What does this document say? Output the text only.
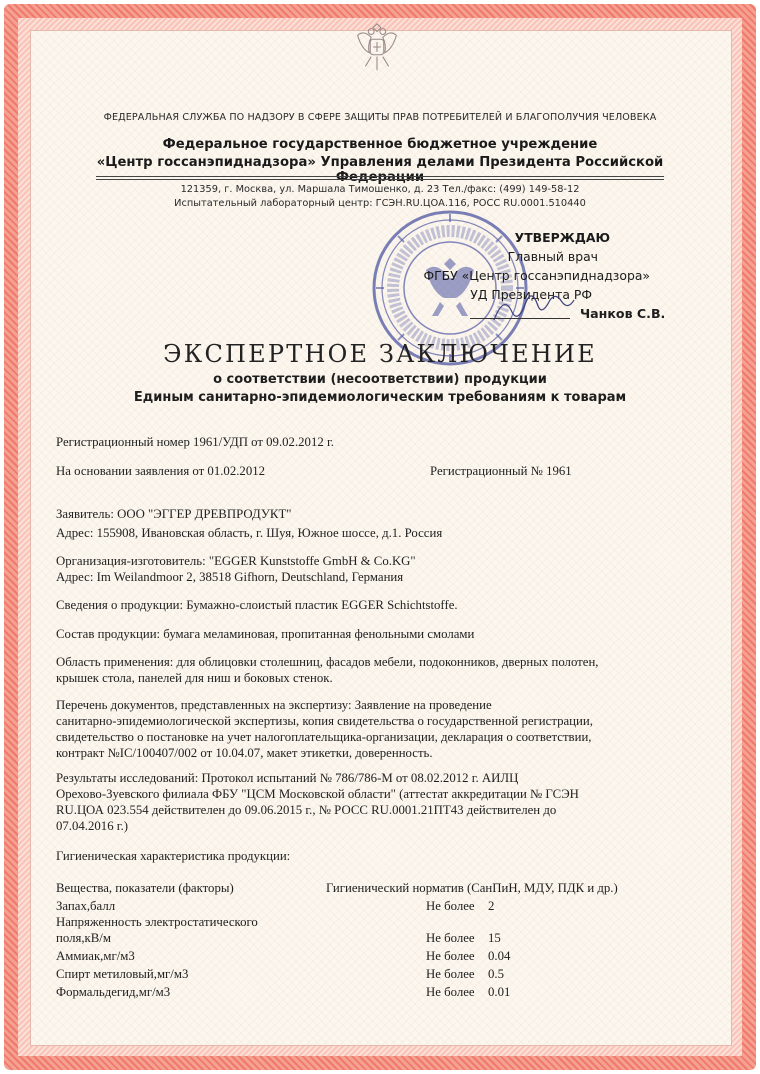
ФЕДЕРАЛЬНАЯ СЛУЖБА ПО НАДЗОРУ В СФЕРЕ ЗАЩИТЫ ПРАВ ПОТРЕБИТЕЛЕЙ И БЛАГОПОЛУЧИЯ ЧЕЛОВЕКА
Федеральное государственное бюджетное учреждение
«Центр госсанэпиднадзора» Управления делами Президента Российской Федерации
121359, г. Москва, ул. Маршала Тимошенко, д. 23 Тел./факс: (499) 149-58-12
Испытательный лабораторный центр: ГСЭН.RU.ЦОА.116, РОСС RU.0001.510440
УТВЕРЖДАЮ
Главный врач
ФГБУ «Центр госсанэпиднадзора»
УД Президента РФ
Чанков С.В.
ЭКСПЕРТНОЕ ЗАКЛЮЧЕНИЕ
о соответствии (несоответствии) продукции
Единым санитарно-эпидемиологическим требованиям к товарам
Регистрационный номер 1961/УДП от 09.02.2012 г.
На основании заявления от 01.02.2012	Регистрационный № 1961
Заявитель: ООО "ЭГГЕР ДРЕВПРОДУКТ"
Адрес: 155908, Ивановская область, г. Шуя, Южное шоссе, д.1. Россия
Организация-изготовитель: "EGGER Kunststoffe GmbH & Co.KG"
Адрес: Im Weilandmoor 2, 38518 Gifhorn, Deutschland, Германия
Сведения о продукции: Бумажно-слоистый пластик EGGER Schichtstoffe.
Состав продукции: бумага меламиновая, пропитанная фенольными смолами
Область применения: для облицовки столешниц, фасадов мебели, подоконников, дверных полотен,
крышек стола, панелей для ниш и боковых стенок.
Перечень документов, представленных на экспертизу: Заявление на проведение
санитарно-эпидемиологической экспертизы, копия свидетельства о государственной регистрации,
свидетельство о постановке на учет налогоплательщика-организации, декларация о соответствии,
контракт №IC/100407/002 от 10.04.07, макет этикетки, доверенность.
Результаты исследований: Протокол испытаний № 786/786-М от 08.02.2012 г. АИЛЦ
Орехово-Зуевского филиала ФБУ "ЦСМ Московской области" (аттестат аккредитации № ГСЭН
RU.ЦОА 023.554 действителен до 09.06.2015 г., № РОСС RU.0001.21ПТ43 действителен до
07.04.2016 г.)
Гигиеническая характеристика продукции:
Вещества, показатели (факторы)	Гигиенический норматив (СанПиН, МДУ, ПДК и др.)
Запах,балл	Не более 2
Напряженность электростатического
поля,кВ/м	Не более 15
Аммиак,мг/м3	Не более 0.04
Спирт метиловый,мг/м3	Не более 0.5
Формальдегид,мг/м3	Не более 0.01
